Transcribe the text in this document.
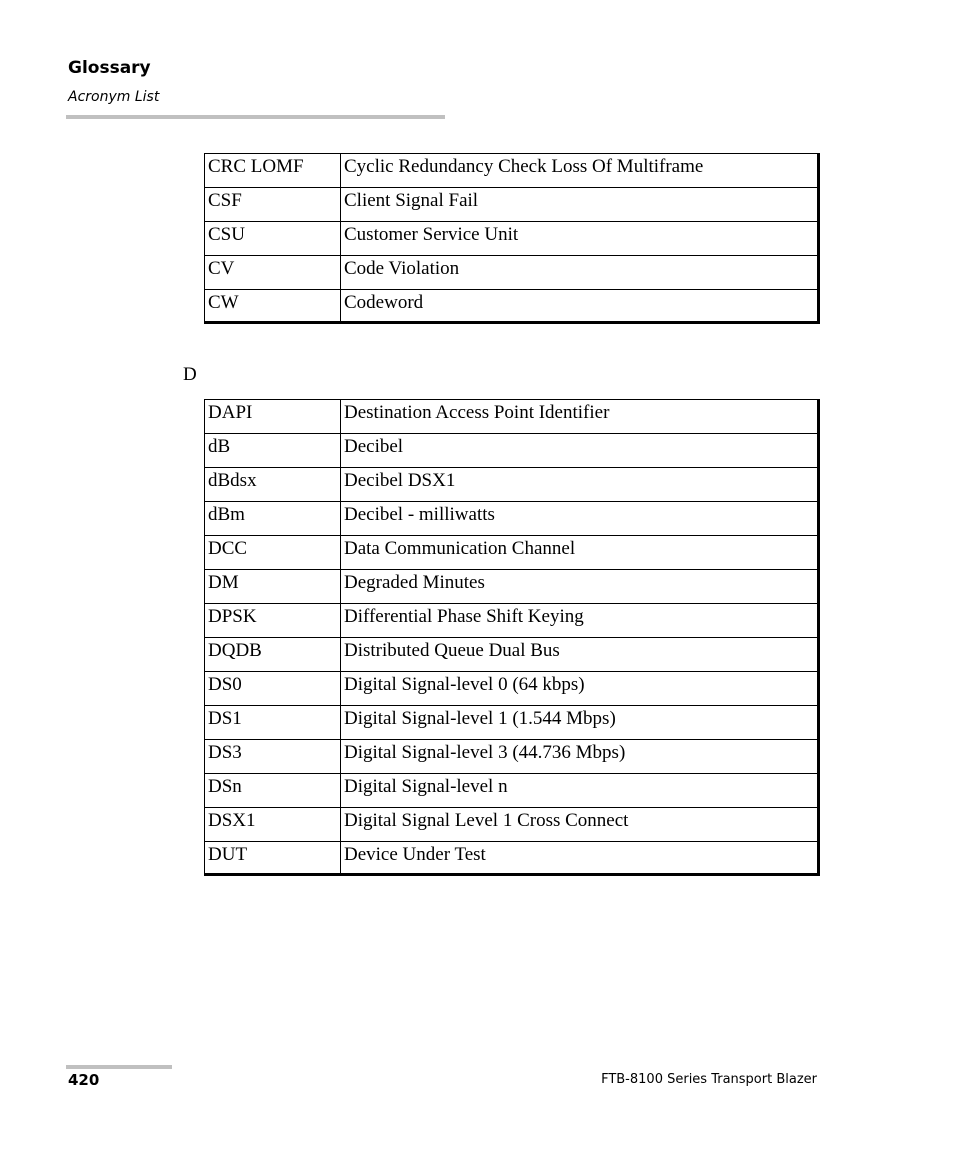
Glossary
Acronym List
CRC LOMF	Cyclic Redundancy Check Loss Of Multiframe
CSF	Client Signal Fail
CSU	Customer Service Unit
CV	Code Violation
CW	Codeword
D
DAPI	Destination Access Point Identifier
dB	Decibel
dBdsx	Decibel DSX1
dBm	Decibel - milliwatts
DCC	Data Communication Channel
DM	Degraded Minutes
DPSK	Differential Phase Shift Keying
DQDB	Distributed Queue Dual Bus
DS0	Digital Signal-level 0 (64 kbps)
DS1	Digital Signal-level 1 (1.544 Mbps)
DS3	Digital Signal-level 3 (44.736 Mbps)
DSn	Digital Signal-level n
DSX1	Digital Signal Level 1 Cross Connect
DUT	Device Under Test
420	FTB-8100 Series Transport Blazer
